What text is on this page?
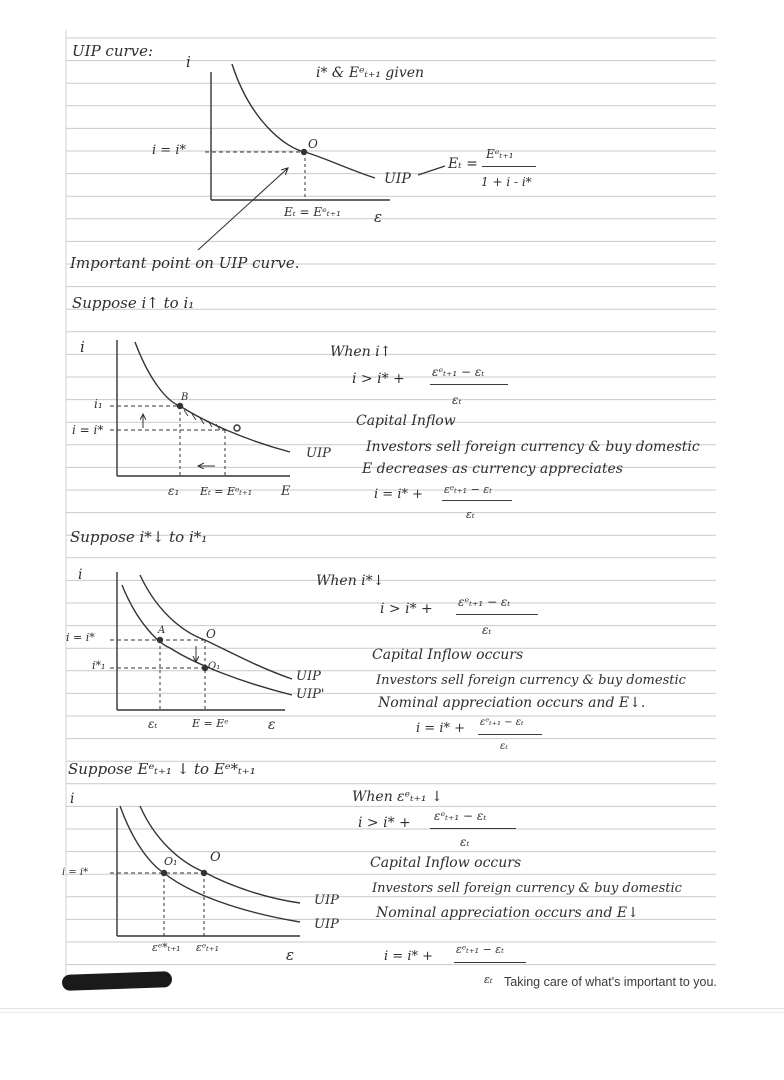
UIP curve:
i
i* & Eᵉₜ₊₁ given
i = i*	O
UIP
Eₜ =
Eᵉₜ₊₁
1 + i - i*
Eₜ = Eᵉₜ₊₁ ε
Important point on UIP curve.
Suppose i↑ to i₁
i
i₁
i = i*
B
UIP
ε₁ Eₜ = Eᵉₜ₊₁ E
When i↑
i > i* + εᵉₜ₊₁ − εₜ
εₜ
Capital Inflow
Investors sell foreign currency & buy domestic
E decreases as currency appreciates
i = i* + εᵉₜ₊₁ − εₜ
εₜ
Suppose i*↓ to i*₁
i
i = i*
i*₁
A	O
O₁
UIP
UIP'
εₜ	E = Eᵉ	ε
When i*↓
i > i* + εᵉₜ₊₁ − εₜ
εₜ
Capital Inflow occurs
Investors sell foreign currency & buy domestic
Nominal appreciation occurs and E↓.
i = i* + εᵉₜ₊₁ − εₜ
εₜ
Suppose Eᵉₜ₊₁ ↓ to Eᵉ*ₜ₊₁
i
i = i*
O₁	O
UIP
UIP
εᵉ*ₜ₊₁ εᵉₜ₊₁	ε
When εᵉₜ₊₁ ↓
i > i* + εᵉₜ₊₁ − εₜ
εₜ
Capital Inflow occurs
Investors sell foreign currency & buy domestic
Nominal appreciation occurs and E↓
i = i* + εᵉₜ₊₁ − εₜ
εₜ Taking care of what's important to you.
